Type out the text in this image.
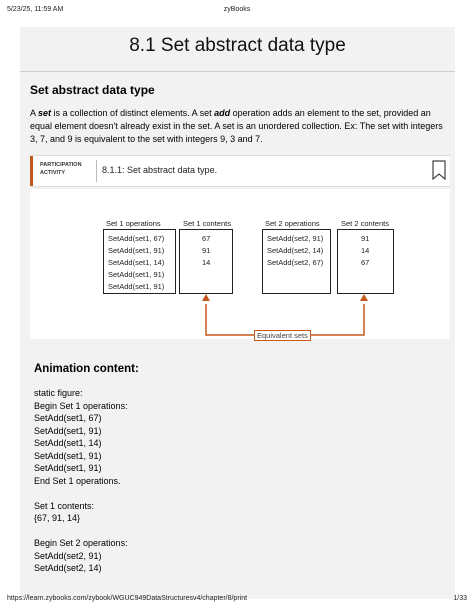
5/23/25, 11:59 AM	zyBooks
8.1 Set abstract data type
Set abstract data type
A set is a collection of distinct elements. A set add operation adds an element to the set, provided an equal element doesn't already exist in the set. A set is an unordered collection. Ex: The set with integers 3, 7, and 9 is equivalent to the set with integers 9, 3 and 7.
PARTICIPATION
ACTIVITY	8.1.1: Set abstract data type.
Set 1 operations	Set 1 contents	Set 2 operations	Set 2 contents
SetAdd(set1, 67)
SetAdd(set1, 91)
SetAdd(set1, 14)
SetAdd(set1, 91)
SetAdd(set1, 91)
67
91
14
SetAdd(set2, 91)
SetAdd(set2, 14)
SetAdd(set2, 67)
91
14
67
Equivalent sets
Animation content:
static figure:
Begin Set 1 operations:
SetAdd(set1, 67)
SetAdd(set1, 91)
SetAdd(set1, 14)
SetAdd(set1, 91)
SetAdd(set1, 91)
End Set 1 operations.
Set 1 contents:
{67, 91, 14}
Begin Set 2 operations:
SetAdd(set2, 91)
SetAdd(set2, 14)
https://learn.zybooks.com/zybook/WGUC949DataStructuresv4/chapter/8/print	1/33
